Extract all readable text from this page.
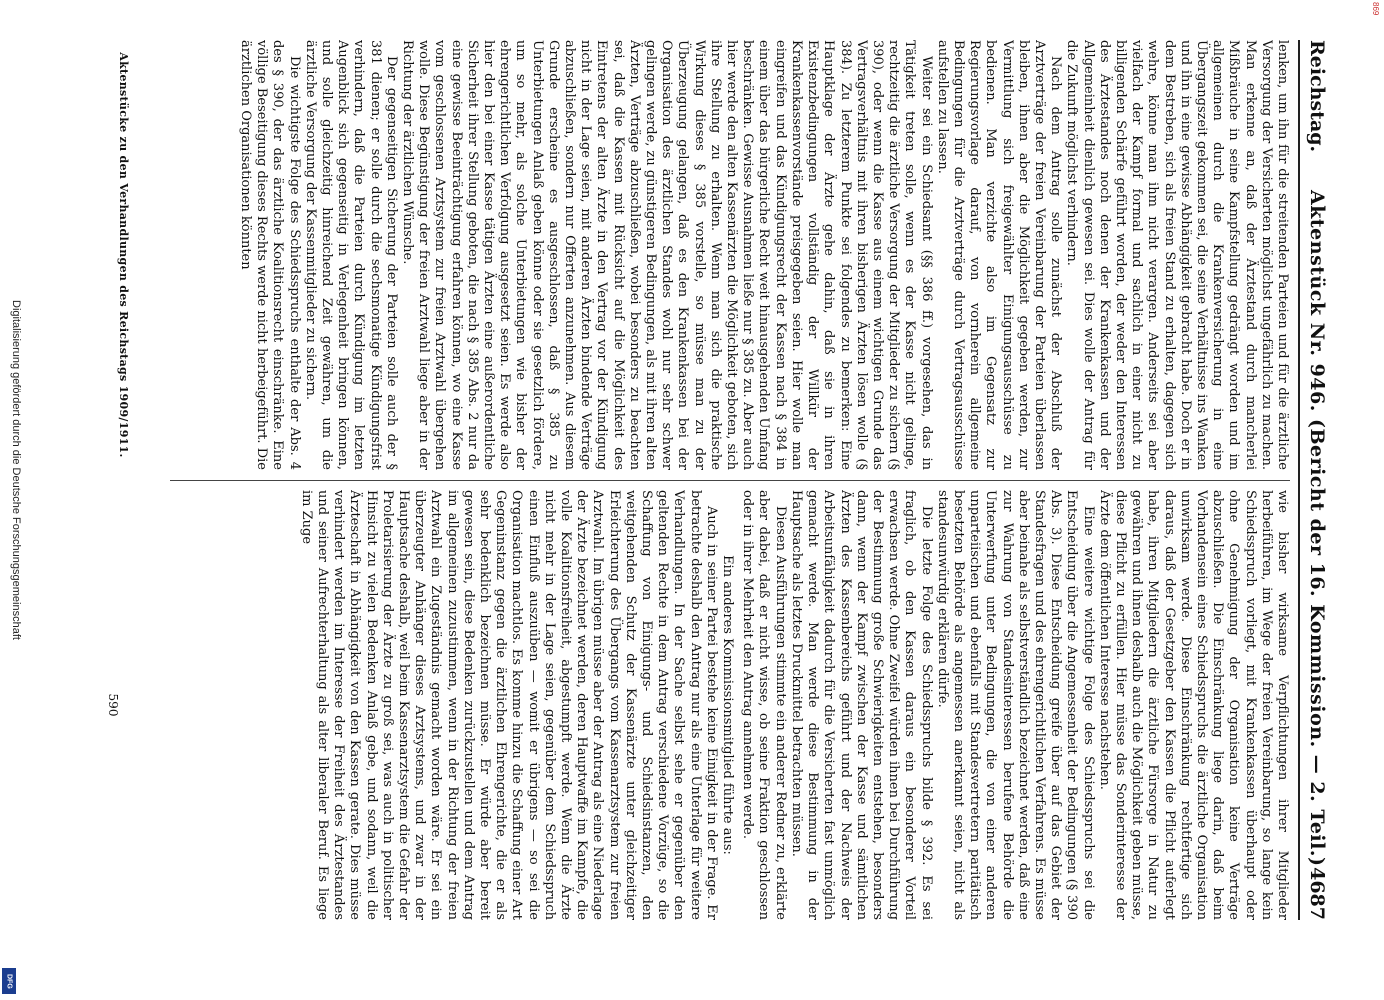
Reichstag.
Aktenstück Nr. 946. (Bericht der 16. Kommission. — 2. Teil.)
4687

lenken, um ihn für die streitenden Parteien und für die ärztliche Versorgung der Versicherten möglichst ungefährlich zu machen. Man erkenne an, daß der Ärztestand durch mancherlei Mißbräuche in seine Kampfstellung gedrängt worden und im allgemeinen durch die Krankenversicherung in eine Übergangszeit gekommen sei, die seine Verhältnisse ins Wanken und ihn in eine gewisse Abhängigkeit gebracht habe. Doch er in dem Bestreben, sich als freien Stand zu erhalten, dagegen sich wehre, könne man ihm nicht verargen. Anderseits sei aber vielfach der Kampf formal und sachlich in einer nicht zu billigenden Schärfe geführt worden, der weder den Interessen des Ärztestandes noch denen der Krankenkassen und der Allgemeinheit dienlich gewesen sei. Dies wolle der Antrag für die Zukunft möglichst verhindern.

Nach dem Antrag solle zunächst der Abschluß der Arztverträge der freien Vereinbarung der Parteien überlassen bleiben, ihnen aber die Möglichkeit gegeben werden, zur Vermittlung sich freigewählter Einigungsausschüsse zu bedienen. Man verzichte also im Gegensatz zur Regierungsvorlage darauf, von vornherein allgemeine Bedingungen für die Arztverträge durch Vertragsausschüsse aufstellen zu lassen.

Weiter sei ein Schiedsamt (§§ 386 ff.) vorgesehen, das in Tätigkeit treten solle, wenn es der Kasse nicht gelinge, rechtzeitig die ärztliche Versorgung der Mitglieder zu sichern (§ 390), oder wenn die Kasse aus einem wichtigen Grunde das Vertragsverhältnis mit ihren bisherigen Ärzten lösen wolle (§ 384). Zu letzterem Punkte sei folgendes zu bemerken: Eine Hauptklage der Ärzte gehe dahin, daß sie in ihren Existenzbedingungen vollständig der Willkür der Krankenkassenvorstände preisgegeben seien. Hier wolle man eingreifen und das Kündigungsrecht der Kassen nach § 384 in einem über das bürgerliche Recht weit hinausgehenden Umfang beschränken. Gewisse Ausnahmen ließe nur § 385 zu. Aber auch hier werde den alten Kassenärzten die Möglichkeit geboten, sich ihre Stellung zu erhalten. Wenn man sich die praktische Wirkung dieses § 385 vorstelle, so müsse man zu der Überzeugung gelangen, daß es den Krankenkassen bei der Organisation des ärztlichen Standes wohl nur sehr schwer gelingen werde, zu günstigeren Bedingungen, als mit ihren alten Ärzten, Verträge abzuschließen, wobei besonders zu beachten sei, daß die Kassen mit Rücksicht auf die Möglichkeit des Eintretens der alten Ärzte in den Vertrag vor der Kündigung nicht in der Lage seien, mit anderen Ärzten bindende Verträge abzuschließen, sondern nur Offerten anzunehmen. Aus diesem Grunde erscheine es ausgeschlossen, daß § 385 zu Unterbietungen Anlaß geben könne oder sie gesetzlich fördere, um so mehr, als solche Unterbietungen wie bisher der ehrengerichtlichen Verfolgung ausgesetzt seien. Es werde also hier den bei einer Kasse tätigen Ärzten eine außerordentliche Sicherheit ihrer Stellung geboten, die nach § 385 Abs. 2 nur da eine gewisse Beeinträchtigung erfahren können, wo eine Kasse vom geschlossenen Arztsystem zur freien Arztwahl übergehen wolle. Diese Begünstigung der freien Arztwahl liege aber in der Richtung der ärztlichen Wünsche.

Der gegenseitigen Sicherung der Parteien solle auch der § 381 dienen; er solle durch die sechsmonatige Kündigungsfrist verhindern, daß die Parteien durch Kündigung im letzten Augenblick sich gegenseitig in Verlegenheit bringen können, und solle gleichzeitig hinreichend Zeit gewähren, um die ärztliche Versorgung der Kassenmitglieder zu sichern.

Die wichtigste Folge des Schiedsspruchs enthalte der Abs. 4 des § 390, der das ärztliche Koalitionsrecht einschränke. Eine völlige Beseitigung dieses Rechts werde nicht herbeigeführt. Die ärztlichen Organisationen könnten

wie bisher wirksame Verpflichtungen ihrer Mitglieder herbeiführen, im Wege der freien Vereinbarung, so lange kein Schiedsspruch vorliegt, mit Krankenkassen überhaupt oder ohne Genehmigung der Organisation keine Verträge abzuschließen. Die Einschränkung liege darin, daß beim Vorhandensein eines Schiedsspruchs die ärztliche Organisation unwirksam werde. Diese Einschränkung rechtfertige sich daraus, daß der Gesetzgeber den Kassen die Pflicht auferlegt habe, ihren Mitgliedern die ärztliche Fürsorge in Natur zu gewähren und ihnen deshalb auch die Möglichkeit geben müsse, diese Pflicht zu erfüllen. Hier müsse das Sonderinteresse der Ärzte dem öffentlichen Interesse nachstehen.

Eine weitere wichtige Folge des Schiedsspruchs sei die Entscheidung über die Angemessenheit der Bedingungen (§ 390 Abs. 3). Diese Entscheidung greife über auf das Gebiet der Standesfragen und des ehrengerichtlichen Verfahrens. Es müsse aber beinahe als selbstverständlich bezeichnet werden, daß eine zur Wahrung von Standesinteressen berufene Behörde die Unterwerfung unter Bedingungen, die von einer anderen unparteiischen und ebenfalls mit Standesvertretern paritätisch besetzten Behörde als angemessen anerkannt seien, nicht als standesunwürdig erklären dürfe.

Die letzte Folge des Schiedsspruchs bilde § 392. Es sei fraglich, ob den Kassen daraus ein besonderer Vorteil erwachsen werde. Ohne Zweifel würden ihnen bei Durchführung der Bestimmung große Schwierigkeiten entstehen, besonders dann, wenn der Kampf zwischen der Kasse und sämtlichen Ärzten des Kassenbereichs geführt und der Nachweis der Arbeitsunfähigkeit dadurch für die Versicherten fast unmöglich gemacht werde. Man werde diese Bestimmung in der Hauptsache als letztes Druckmittel betrachten müssen.

Diesen Ausführungen stimmte ein anderer Redner zu, erklärte aber dabei, daß er nicht wisse, ob seine Fraktion geschlossen oder in ihrer Mehrheit den Antrag annehmen werde.

Ein anderes Kommissionsmitglied führte aus:

Auch in seiner Partei bestehe keine Einigkeit in der Frage. Er betrachte deshalb den Antrag nur als eine Unterlage für weitere Verhandlungen. In der Sache selbst sehe er gegenüber den geltenden Rechte in dem Antrag verschiedene Vorzüge, so die Schaffung von Einigungs- und Schiedsinstanzen, den weitgehenden Schutz der Kassenärzte unter gleichzeitiger Erleichterung des Übergangs vom Kassenarztsystem zur freien Arztwahl. Im übrigen müsse aber der Antrag als eine Niederlage der Ärzte bezeichnet werden, deren Hauptwaffe im Kampfe, die volle Koalitionsfreiheit, abgestumpft werde. Wenn die Ärzte nicht mehr in der Lage seien, gegenüber dem Schiedsspruch einen Einfluß auszuüben — womit er übrigens — so sei die Organisation machtlos. Es komme hinzu die Schaffung einer Art Gegeninstanz gegen die ärztlichen Ehrengerichte, die er als sehr bedenklich bezeichnen müsse. Er würde aber bereit gewesen sein, diese Bedenken zurückzustellen und dem Antrag im allgemeinen zuzustimmen, wenn in der Richtung der freien Arztwahl ein Zugeständnis gemacht worden wäre. Er sei ein überzeugter Anhänger dieses Arztsystems, und zwar in der Hauptsache deshalb, weil beim Kassenarztsystem die Gefahr der Proletarisierung der Ärzte zu groß sei, was auch in politischer Hinsicht zu vielen Bedenken Anlaß gebe, und sodann, weil die Ärzteschaft in Abhängigkeit von den Kassen gerate. Dies müsse verhindert werden im Interesse der Freiheit des Ärztestandes und seiner Aufrechterhaltung als alter liberaler Beruf. Es liege im Zuge

Aktenstücke zu den Verhandlungen des Reichstags 1909/1911.
590
Digitalisierung gefördert durch die Deutsche Forschungsgemeinschaft
DFG
869
